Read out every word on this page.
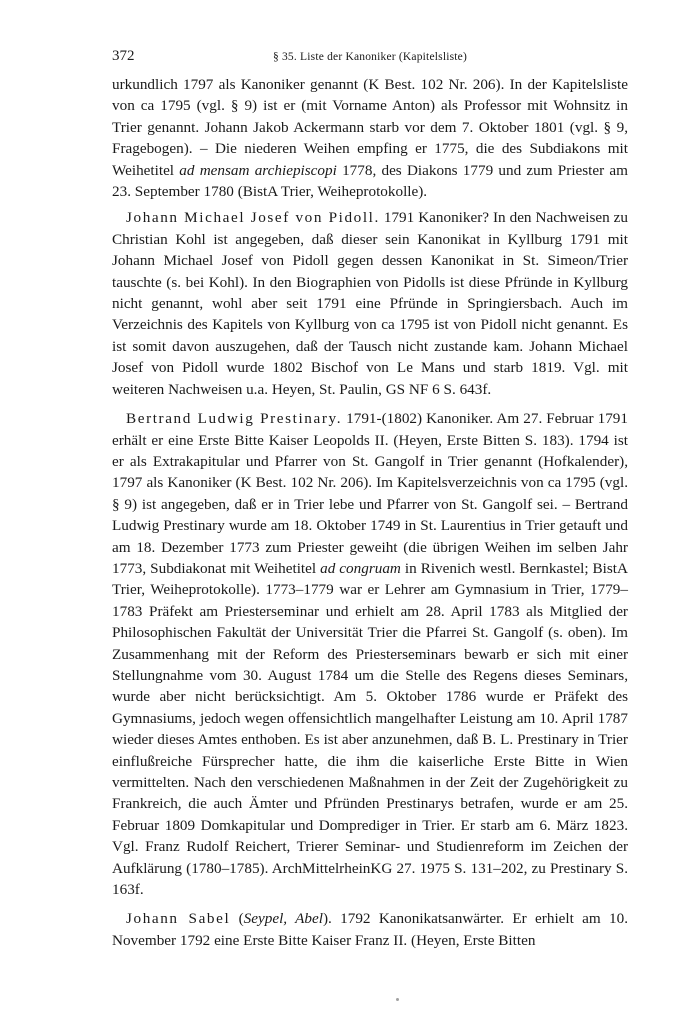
372	§ 35. Liste der Kanoniker (Kapitelsliste)

urkundlich 1797 als Kanoniker genannt (K Best. 102 Nr. 206). In der Kapitelsliste von ca 1795 (vgl. § 9) ist er (mit Vorname Anton) als Professor mit Wohnsitz in Trier genannt. Johann Jakob Ackermann starb vor dem 7. Oktober 1801 (vgl. § 9, Fragebogen). – Die niederen Weihen empfing er 1775, die des Subdiakons mit Weihetitel ad mensam archiepiscopi 1778, des Diakons 1779 und zum Priester am 23. September 1780 (BistA Trier, Weiheprotokolle).

Johann Michael Josef von Pidoll. 1791 Kanoniker? In den Nachweisen zu Christian Kohl ist angegeben, daß dieser sein Kanonikat in Kyllburg 1791 mit Johann Michael Josef von Pidoll gegen dessen Kanonikat in St. Simeon/Trier tauschte (s. bei Kohl). In den Biographien von Pidolls ist diese Pfründe in Kyllburg nicht genannt, wohl aber seit 1791 eine Pfründe in Springiersbach. Auch im Verzeichnis des Kapitels von Kyllburg von ca 1795 ist von Pidoll nicht genannt. Es ist somit davon auszugehen, daß der Tausch nicht zustande kam. Johann Michael Josef von Pidoll wurde 1802 Bischof von Le Mans und starb 1819. Vgl. mit weiteren Nachweisen u.a. Heyen, St. Paulin, GS NF 6 S. 643f.

Bertrand Ludwig Prestinary. 1791-(1802) Kanoniker. Am 27. Februar 1791 erhält er eine Erste Bitte Kaiser Leopolds II. (Heyen, Erste Bitten S. 183). 1794 ist er als Extrakapitular und Pfarrer von St. Gangolf in Trier genannt (Hofkalender), 1797 als Kanoniker (K Best. 102 Nr. 206). Im Kapitelsverzeichnis von ca 1795 (vgl. § 9) ist angegeben, daß er in Trier lebe und Pfarrer von St. Gangolf sei. – Bertrand Ludwig Prestinary wurde am 18. Oktober 1749 in St. Laurentius in Trier getauft und am 18. Dezember 1773 zum Priester geweiht (die übrigen Weihen im selben Jahr 1773, Subdiakonat mit Weihetitel ad congruam in Rivenich westl. Bernkastel; BistA Trier, Weiheprotokolle). 1773–1779 war er Lehrer am Gymnasium in Trier, 1779–1783 Präfekt am Priesterseminar und erhielt am 28. April 1783 als Mitglied der Philosophischen Fakultät der Universität Trier die Pfarrei St. Gangolf (s. oben). Im Zusammenhang mit der Reform des Priesterseminars bewarb er sich mit einer Stellungnahme vom 30. August 1784 um die Stelle des Regens dieses Seminars, wurde aber nicht berücksichtigt. Am 5. Oktober 1786 wurde er Präfekt des Gymnasiums, jedoch wegen offensichtlich mangelhafter Leistung am 10. April 1787 wieder dieses Amtes enthoben. Es ist aber anzunehmen, daß B. L. Prestinary in Trier einflußreiche Fürsprecher hatte, die ihm die kaiserliche Erste Bitte in Wien vermittelten. Nach den verschiedenen Maßnahmen in der Zeit der Zugehörigkeit zu Frankreich, die auch Ämter und Pfründen Prestinarys betrafen, wurde er am 25. Februar 1809 Domkapitular und Domprediger in Trier. Er starb am 6. März 1823. Vgl. Franz Rudolf Reichert, Trierer Seminar- und Studienreform im Zeichen der Aufklärung (1780–1785). ArchMittelrheinKG 27. 1975 S. 131–202, zu Prestinary S. 163f.

Johann Sabel (Seypel, Abel). 1792 Kanonikatsanwärter. Er erhielt am 10. November 1792 eine Erste Bitte Kaiser Franz II. (Heyen, Erste Bitten
